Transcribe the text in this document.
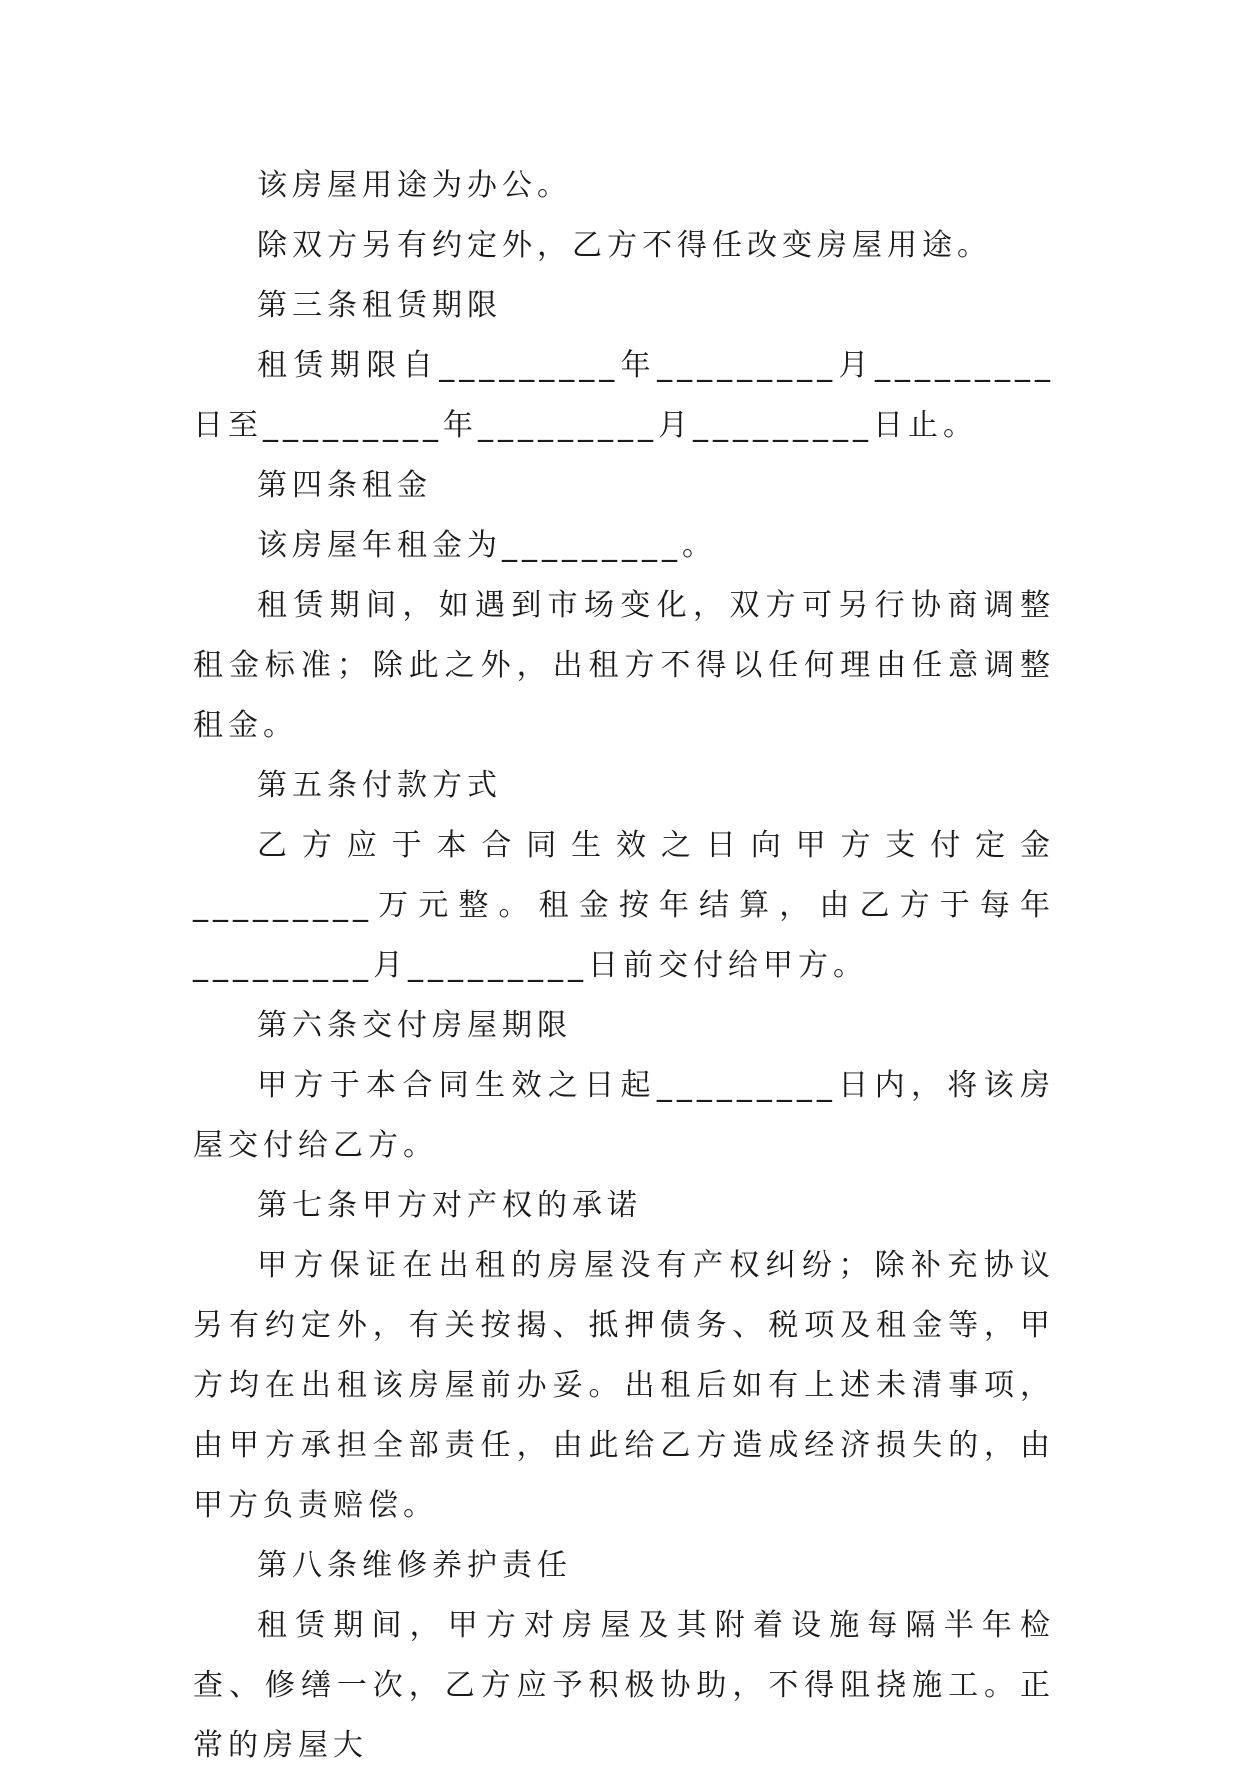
该房屋用途为办公。

除双方另有约定外，乙方不得任改变房屋用途。

第三条租赁期限

租赁期限自_________年_________月_________日至_________年_________月_________日止。

第四条租金

该房屋年租金为_________。

租赁期间，如遇到市场变化，双方可另行协商调整租金标准；除此之外，出租方不得以任何理由任意调整租金。

第五条付款方式

乙方应于本合同生效之日向甲方支付定金_________万元整。租金按年结算，由乙方于每年_________月_________日前交付给甲方。

第六条交付房屋期限

甲方于本合同生效之日起_________日内，将该房屋交付给乙方。

第七条甲方对产权的承诺

甲方保证在出租的房屋没有产权纠纷；除补充协议另有约定外，有关按揭、抵押债务、税项及租金等，甲方均在出租该房屋前办妥。出租后如有上述未清事项，由甲方承担全部责任，由此给乙方造成经济损失的，由甲方负责赔偿。

第八条维修养护责任

租赁期间，甲方对房屋及其附着设施每隔半年检查、修缮一次，乙方应予积极协助，不得阻挠施工。正常的房屋大
